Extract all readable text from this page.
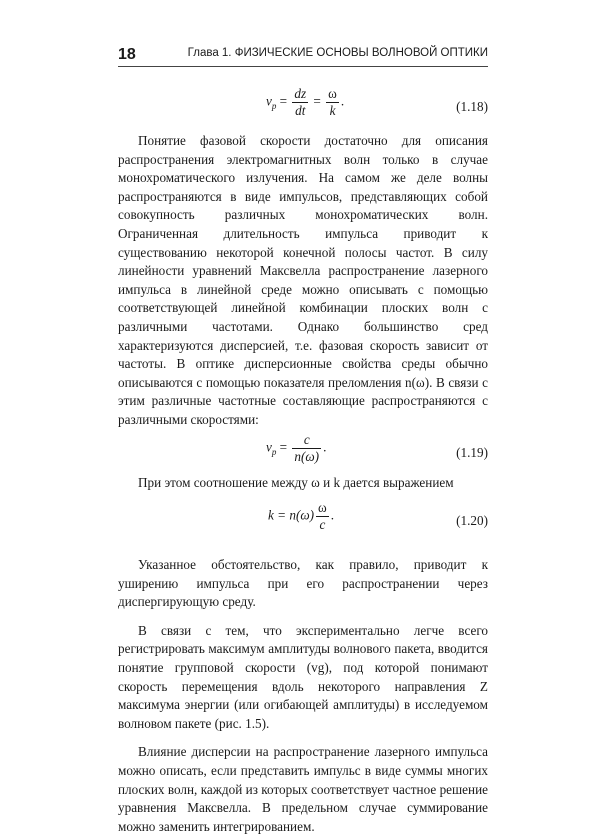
18	Глава 1. ФИЗИЧЕСКИЕ ОСНОВЫ ВОЛНОВОЙ ОПТИКИ
$v_p = \frac{dz}{dt} = \frac{\omega}{k}$ .	(1.18)

Понятие фазовой скорости достаточно для описания распространения электромагнитных волн только в случае монохроматического излучения. На самом же деле волны распространяются в виде импульсов, представляющих собой совокупность различных монохроматических волн. Ограниченная длительность импульса приводит к существованию некоторой конечной полосы частот. В силу линейности уравнений Максвелла распространение лазерного импульса в линейной среде можно описывать с помощью соответствующей линейной комбинации плоских волн с различными частотами. Однако большинство сред характеризуются дисперсией, т.е. фазовая скорость зависит от частоты. В оптике дисперсионные свойства среды обычно описываются с помощью показателя преломления n(ω). В связи с этим различные частотные составляющие распространяются с различными скоростями:

$v_p = \frac{c}{n(\omega)}$ .	(1.19)

При этом соотношение между ω и k дается выражением

$k = n(\omega) \frac{\omega}{c}$ .	(1.20)

Указанное обстоятельство, как правило, приводит к уширению импульса при его распространении через диспергирующую среду.

В связи с тем, что экспериментально легче всего регистрировать максимум амплитуды волнового пакета, вводится понятие групповой скорости (vg), под которой понимают скорость перемещения вдоль некоторого направления Z максимума энергии (или огибающей амплитуды) в исследуемом волновом пакете (рис. 1.5).

Влияние дисперсии на распространение лазерного импульса можно описать, если представить импульс в виде суммы многих плоских волн, каждой из которых соответствует частное решение уравнения Максвелла. В предельном случае суммирование можно заменить интегрированием.
